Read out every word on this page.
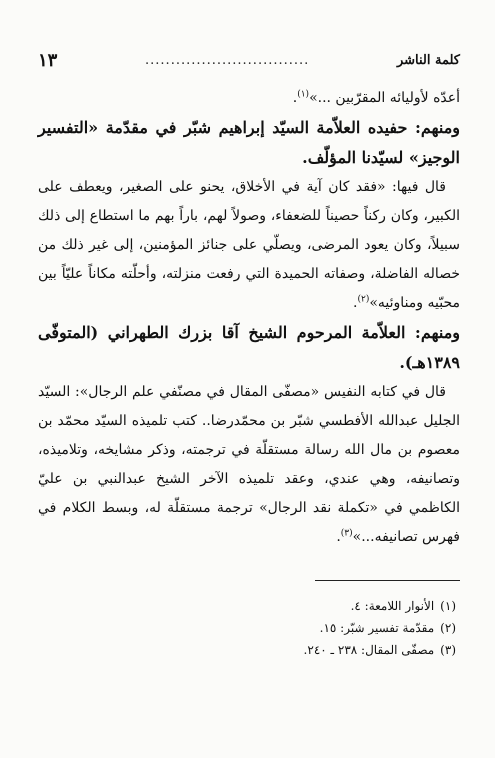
كلمة الناشر
................................
١٣

أعدّه لأوليائه المقرّبين ...»$^{(١)}$.

ومنهم: حفيده العلاّمة السيّد إبراهيم شبّر في مقدّمة «التفسير الوجيز» لسيّدنا المؤلّف.

قال فيها: «فقد كان آية في الأخلاق، يحنو على الصغير، ويعطف على الكبير، وكان ركناً حصيناً للضعفاء، وصولاً لهم، باراً بهم ما استطاع إلى ذلك سبيلاً، وكان يعود المرضى، ويصلّي على جنائز المؤمنين، إلى غير ذلك من خصاله الفاضلة، وصفاته الحميدة التي رفعت منزلته، وأحلّته مكاناً عليّاً بين محبّيه ومناوئيه»$^{(٢)}$.

ومنهم: العلاّمة المرحوم الشيخ آقا بزرك الطهراني (المتوفّى ١٣٨٩هـ).

قال في كتابه النفيس «مصفّى المقال في مصنّفي علم الرجال»: السيّد الجليل عبدالله الأفطسي شبّر بن محمّدرضا.. كتب تلميذه السيّد محمّد بن معصوم بن مال الله رسالة مستقلّة في ترجمته، وذكر مشايخه، وتلاميذه، وتصانيفه، وهي عندي، وعقد تلميذه الآخر الشيخ عبدالنبي بن عليّ الكاظمي في «تكملة نقد الرجال» ترجمة مستقلّة له، وبسط الكلام في فهرس تصانيفه...»$^{(٣)}$.

(١)
الأنوار اللامعة: ٤.
(٢)
مقدّمة تفسير شبّر: ١٥.
(٣)
مصفّى المقال: ٢٣٨ ـ ٢٤٠.
